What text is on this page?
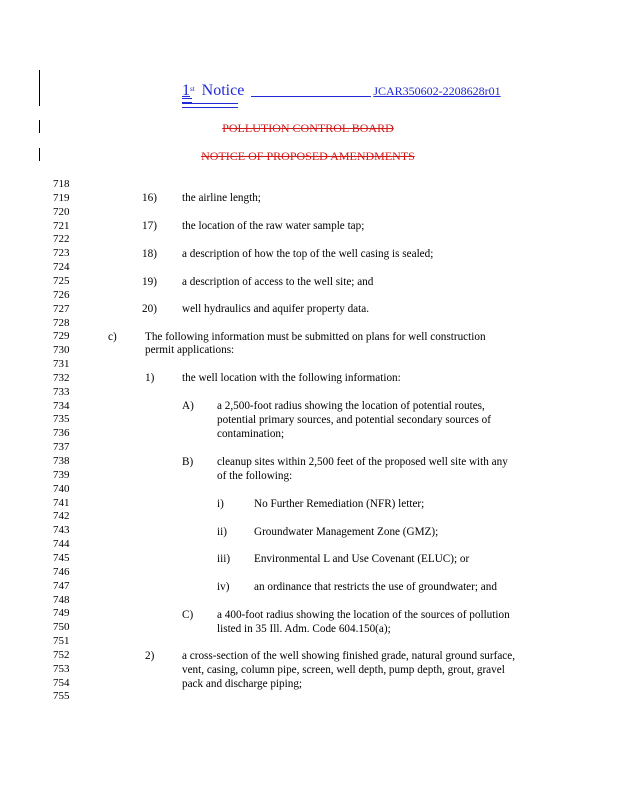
1st Notice	JCAR350602-2208628r01
POLLUTION CONTROL BOARD
NOTICE OF PROPOSED AMENDMENTS
718
719
720
721
722
723
724
725
726
727
728
729
730
731
732
733
734
735
736
737
738
739
740
741
742
743
744
745
746
747
748
749
750
751
752
753
754
755
16) the airline length;
17) the location of the raw water sample tap;
18) a description of how the top of the well casing is sealed;
19) a description of access to the well site; and
20) well hydraulics and aquifer property data.
c)	The following information must be submitted on plans for well construction
permit applications:
1) the well location with the following information:
A) a 2,500-foot radius showing the location of potential routes,
potential primary sources, and potential secondary sources of
contamination;
B) cleanup sites within 2,500 feet of the proposed well site with any
of the following:
i)	No Further Remediation (NFR) letter;
ii) Groundwater Management Zone (GMZ);
iii) Environmental L and Use Covenant (ELUC); or
iv) an ordinance that restricts the use of groundwater; and
C) a 400-foot radius showing the location of the sources of pollution
listed in 35 Ill. Adm. Code 604.150(a);
2) a cross-section of the well showing finished grade, natural ground surface,
vent, casing, column pipe, screen, well depth, pump depth, grout, gravel
pack and discharge piping;
